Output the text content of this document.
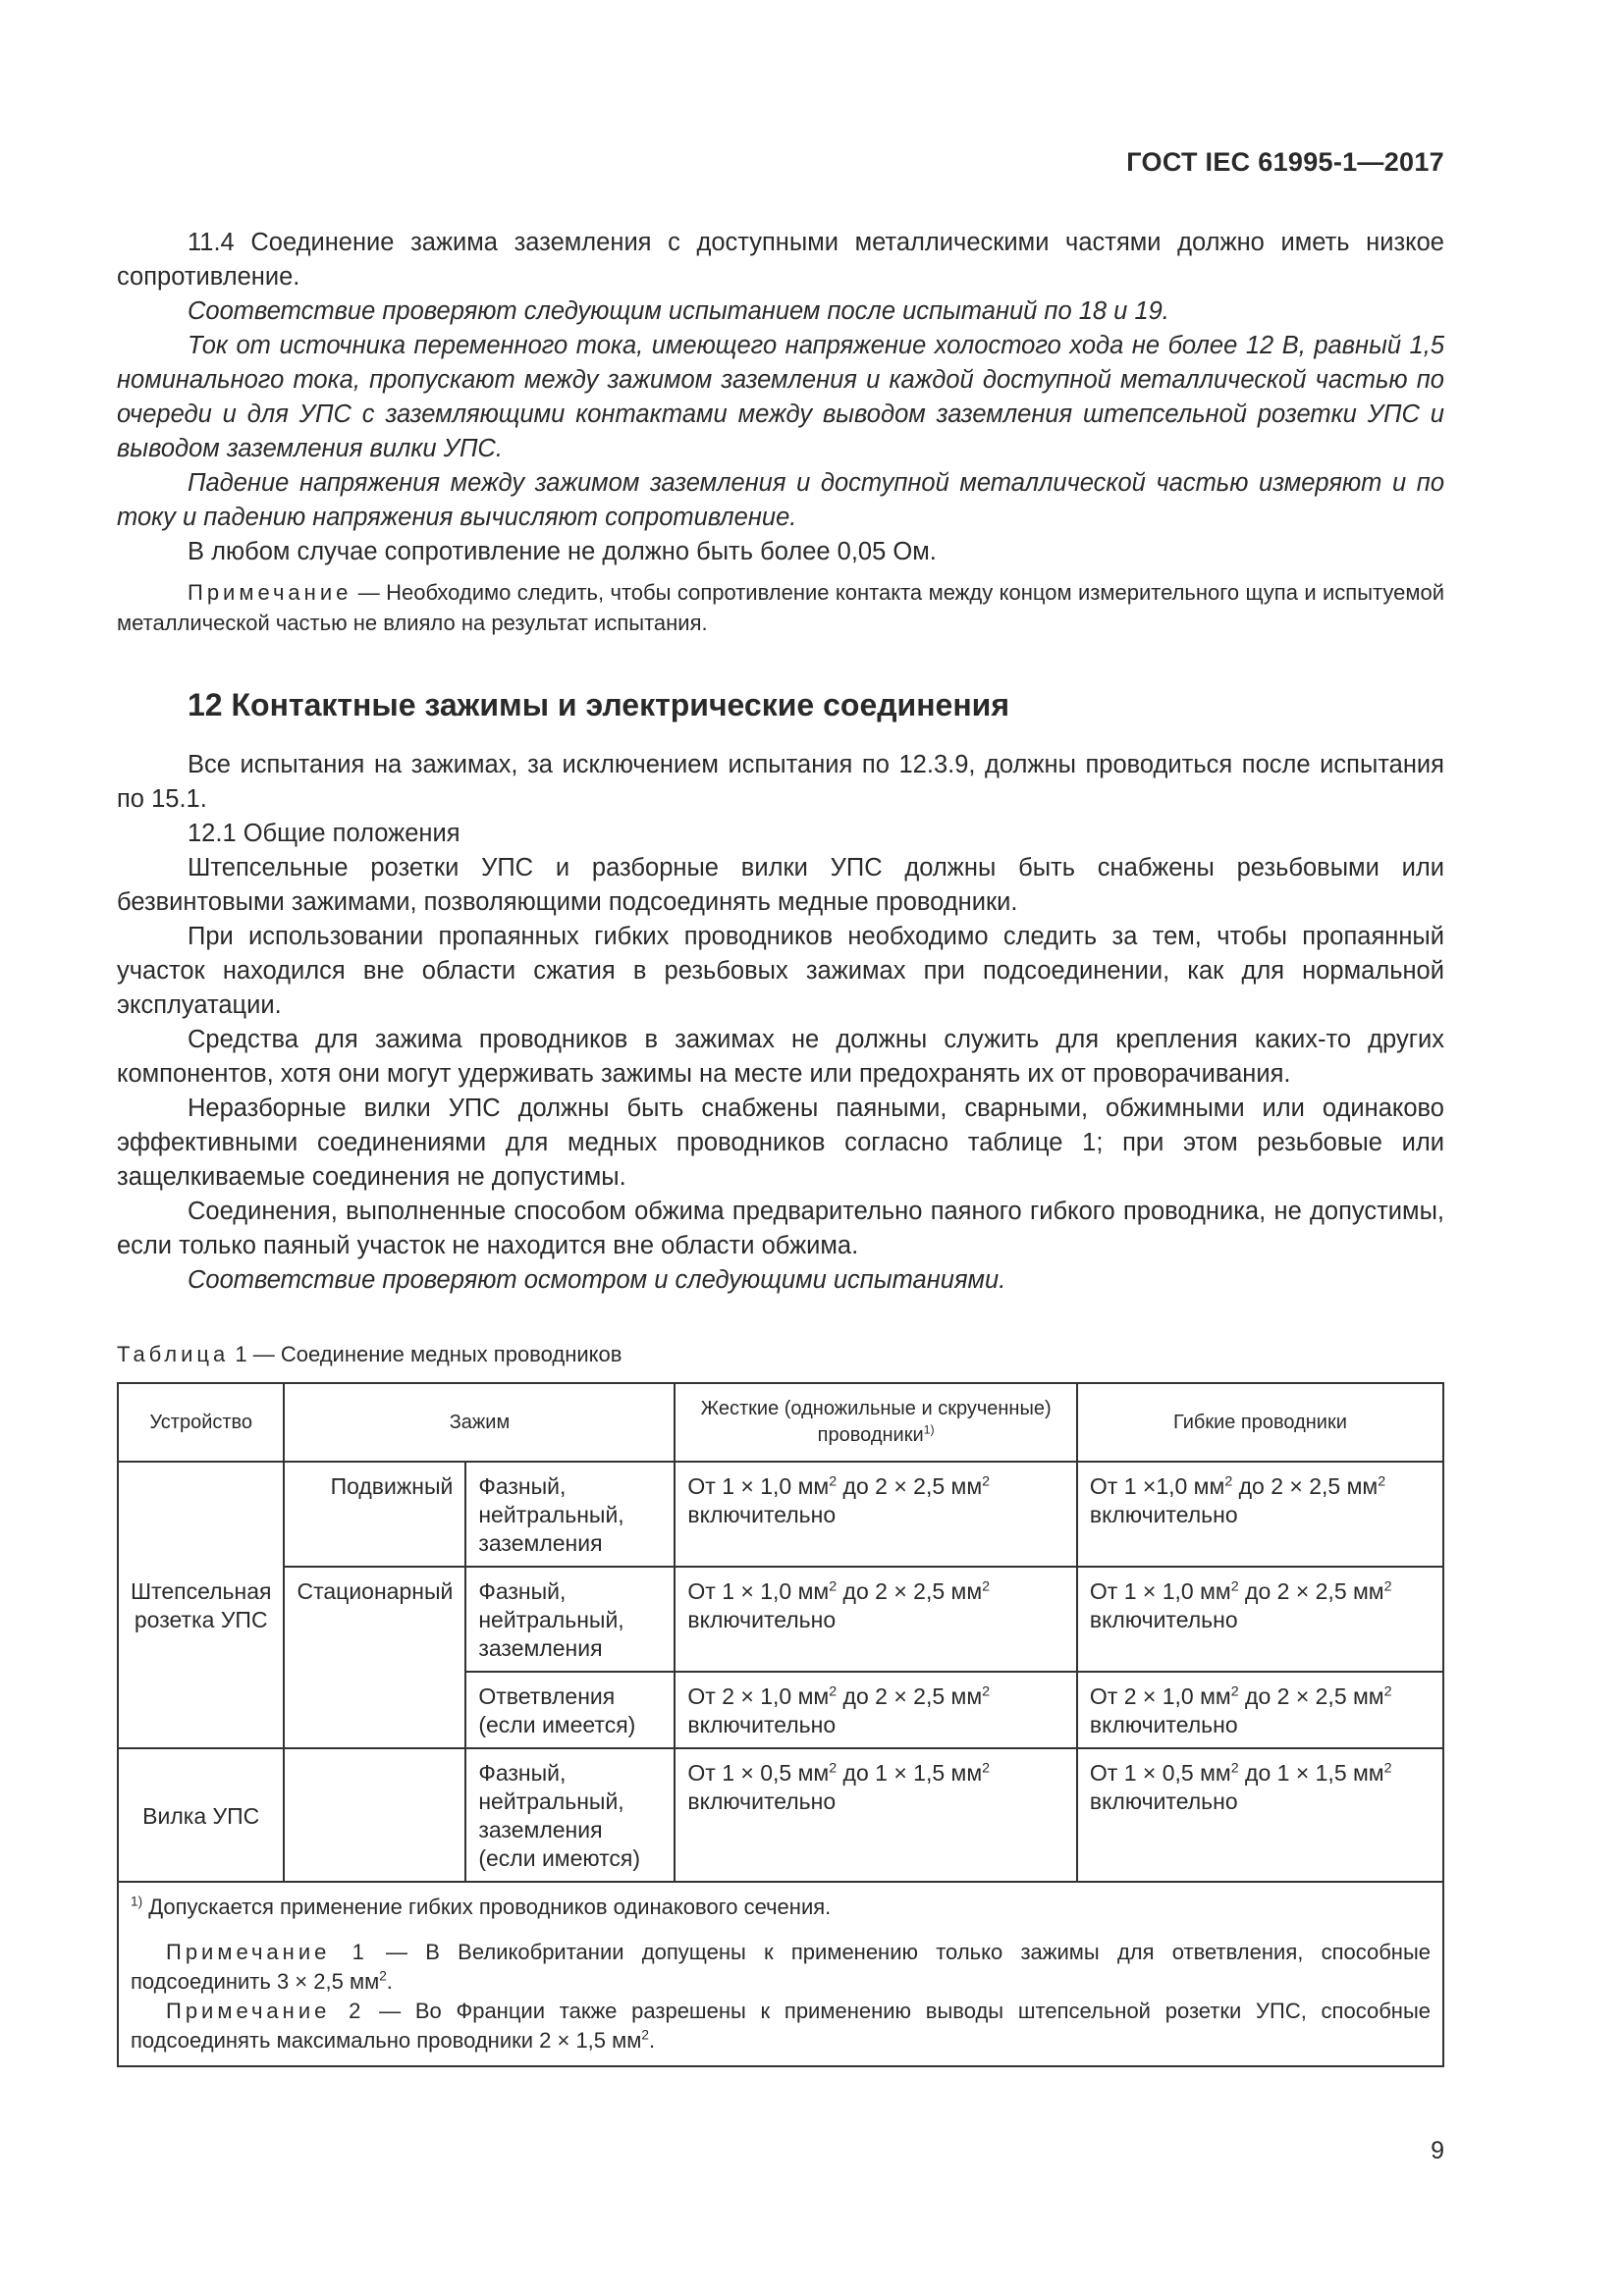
ГОСТ IEC 61995-1—2017

11.4 Соединение зажима заземления с доступными металлическими частями должно иметь низкое сопротивление.

Соответствие проверяют следующим испытанием после испытаний по 18 и 19.

Ток от источника переменного тока, имеющего напряжение холостого хода не более 12 В, равный 1,5 номинального тока, пропускают между зажимом заземления и каждой доступной металлической частью по очереди и для УПС с заземляющими контактами между выводом заземления штепсельной розетки УПС и выводом заземления вилки УПС.

Падение напряжения между зажимом заземления и доступной металлической частью измеряют и по току и падению напряжения вычисляют сопротивление.

В любом случае сопротивление не должно быть более 0,05 Ом.

Примечание — Необходимо следить, чтобы сопротивление контакта между концом измерительного щупа и испытуемой металлической частью не влияло на результат испытания.

12 Контактные зажимы и электрические соединения

Все испытания на зажимах, за исключением испытания по 12.3.9, должны проводиться после испытания по 15.1.

12.1 Общие положения

Штепсельные розетки УПС и разборные вилки УПС должны быть снабжены резьбовыми или безвинтовыми зажимами, позволяющими подсоединять медные проводники.

При использовании пропаянных гибких проводников необходимо следить за тем, чтобы пропаянный участок находился вне области сжатия в резьбовых зажимах при подсоединении, как для нормальной эксплуатации.

Средства для зажима проводников в зажимах не должны служить для крепления каких-то других компонентов, хотя они могут удерживать зажимы на месте или предохранять их от проворачивания.

Неразборные вилки УПС должны быть снабжены паяными, сварными, обжимными или одинаково эффективными соединениями для медных проводников согласно таблице 1; при этом резьбовые или защелкиваемые соединения не допустимы.

Соединения, выполненные способом обжима предварительно паяного гибкого проводника, не допустимы, если только паяный участок не находится вне области обжима.

Соответствие проверяют осмотром и следующими испытаниями.

Таблица 1 — Соединение медных проводников
Устройство	Зажим		Жесткие (одножильные и скрученные) проводники$^{1)}$	Гибкие проводники
Штепсельная розетка УПС	Подвижный	Фазный, нейтральный, заземления	От 1 × 1,0 $мм^2$ до 2 × 2,5 $мм^2$ включительно	От 1 ×1,0 $мм^2$ до 2 × 2,5 $мм^2$ включительно
	Стационарный	Фазный, нейтральный, заземления	От 1 × 1,0 $мм^2$ до 2 × 2,5 $мм^2$ включительно	От 1 × 1,0 $мм^2$ до 2 × 2,5 $мм^2$ включительно
		Ответвления (если имеется)	От 2 × 1,0 $мм^2$ до 2 × 2,5 $мм^2$ включительно	От 2 × 1,0 $мм^2$ до 2 × 2,5 $мм^2$ включительно
Вилка УПС		Фазный, нейтральный, заземления (если имеются)	От 1 × 0,5 $мм^2$ до 1 × 1,5 $мм^2$ включительно	От 1 × 0,5 $мм^2$ до 1 × 1,5 $мм^2$ включительно

$^{1)}$ Допускается применение гибких проводников одинакового сечения.
Примечание 1 — В Великобритании допущены к применению только зажимы для ответвления, способные подсоединить 3 × 2,5 $мм^2$.
Примечание 2 — Во Франции также разрешены к применению выводы штепсельной розетки УПС, способные подсоединять максимально проводники 2 × 1,5 $мм^2$.				
9
